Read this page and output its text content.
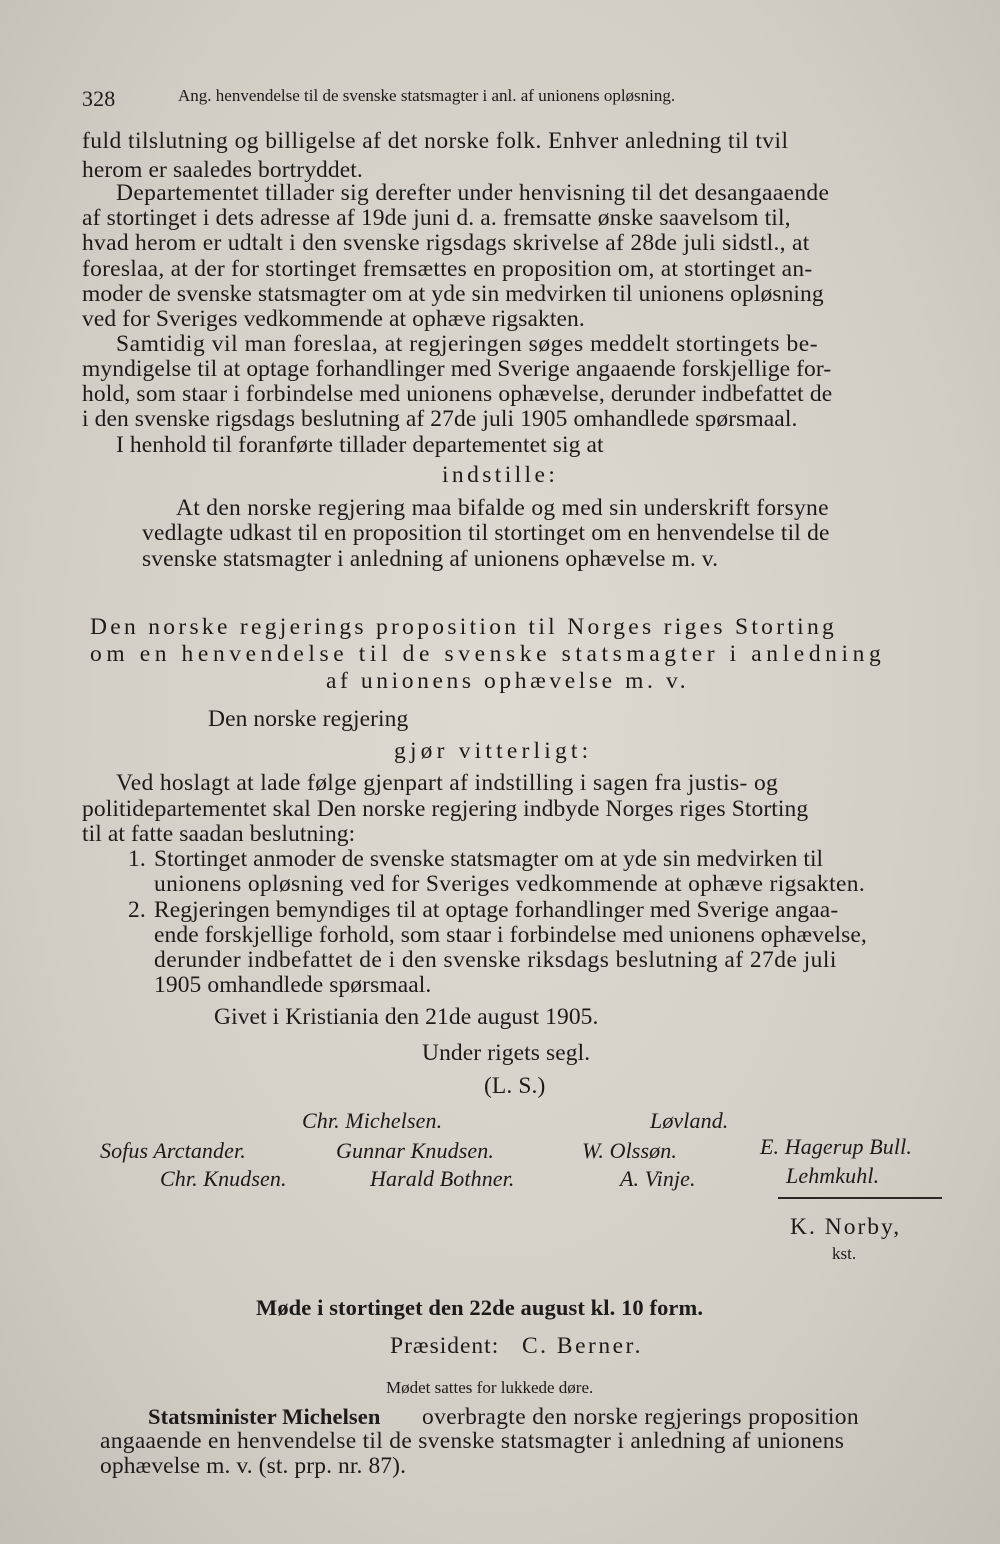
328	Ang. henvendelse til de svenske statsmagter i anl. af unionens opløsning.
fuld tilslutning og billigelse af det norske folk. Enhver anledning til tvil
herom er saaledes bortryddet.
Departementet tillader sig derefter under henvisning til det desangaaende
af stortinget i dets adresse af 19de juni d. a. fremsatte ønske saavelsom til,
hvad herom er udtalt i den svenske rigsdags skrivelse af 28de juli sidstl., at
foreslaa, at der for stortinget fremsættes en proposition om, at stortinget an-
moder de svenske statsmagter om at yde sin medvirken til unionens opløsning
ved for Sveriges vedkommende at ophæve rigsakten.
Samtidig vil man foreslaa, at regjeringen søges meddelt stortingets be-
myndigelse til at optage forhandlinger med Sverige angaaende forskjellige for-
hold, som staar i forbindelse med unionens ophævelse, derunder indbefattet de
i den svenske rigsdags beslutning af 27de juli 1905 omhandlede spørsmaal.
I henhold til foranførte tillader departementet sig at
indstille:
At den norske regjering maa bifalde og med sin underskrift forsyne
vedlagte udkast til en proposition til stortinget om en henvendelse til de
svenske statsmagter i anledning af unionens ophævelse m. v.
Den norske regjerings proposition til Norges riges Storting
om en henvendelse til de svenske statsmagter i anledning
af unionens ophævelse m. v.
Den norske regjering
gjør vitterligt:
Ved hoslagt at lade følge gjenpart af indstilling i sagen fra justis- og
politidepartementet skal Den norske regjering indbyde Norges riges Storting
til at fatte saadan beslutning:
1. Stortinget anmoder de svenske statsmagter om at yde sin medvirken til
unionens opløsning ved for Sveriges vedkommende at ophæve rigsakten.
2. Regjeringen bemyndiges til at optage forhandlinger med Sverige angaa-
ende forskjellige forhold, som staar i forbindelse med unionens ophævelse,
derunder indbefattet de i den svenske riksdags beslutning af 27de juli
1905 omhandlede spørsmaal.
Givet i Kristiania den 21de august 1905.
Under rigets segl.
(L. S.)
Chr. Michelsen.	Løvland.
Sofus Arctander.	Gunnar Knudsen.	W. Olssøn.	E. Hagerup Bull.
Chr. Knudsen.	Harald Bothner.	A. Vinje.	Lehmkuhl.
K. Norby,
kst.
Møde i stortinget den 22de august kl. 10 form.
Præsident: C. Berner.
Mødet sattes for lukkede døre.
Statsminister Michelsen overbragte den norske regjerings proposition
angaaende en henvendelse til de svenske statsmagter i anledning af unionens
ophævelse m. v. (st. prp. nr. 87).
